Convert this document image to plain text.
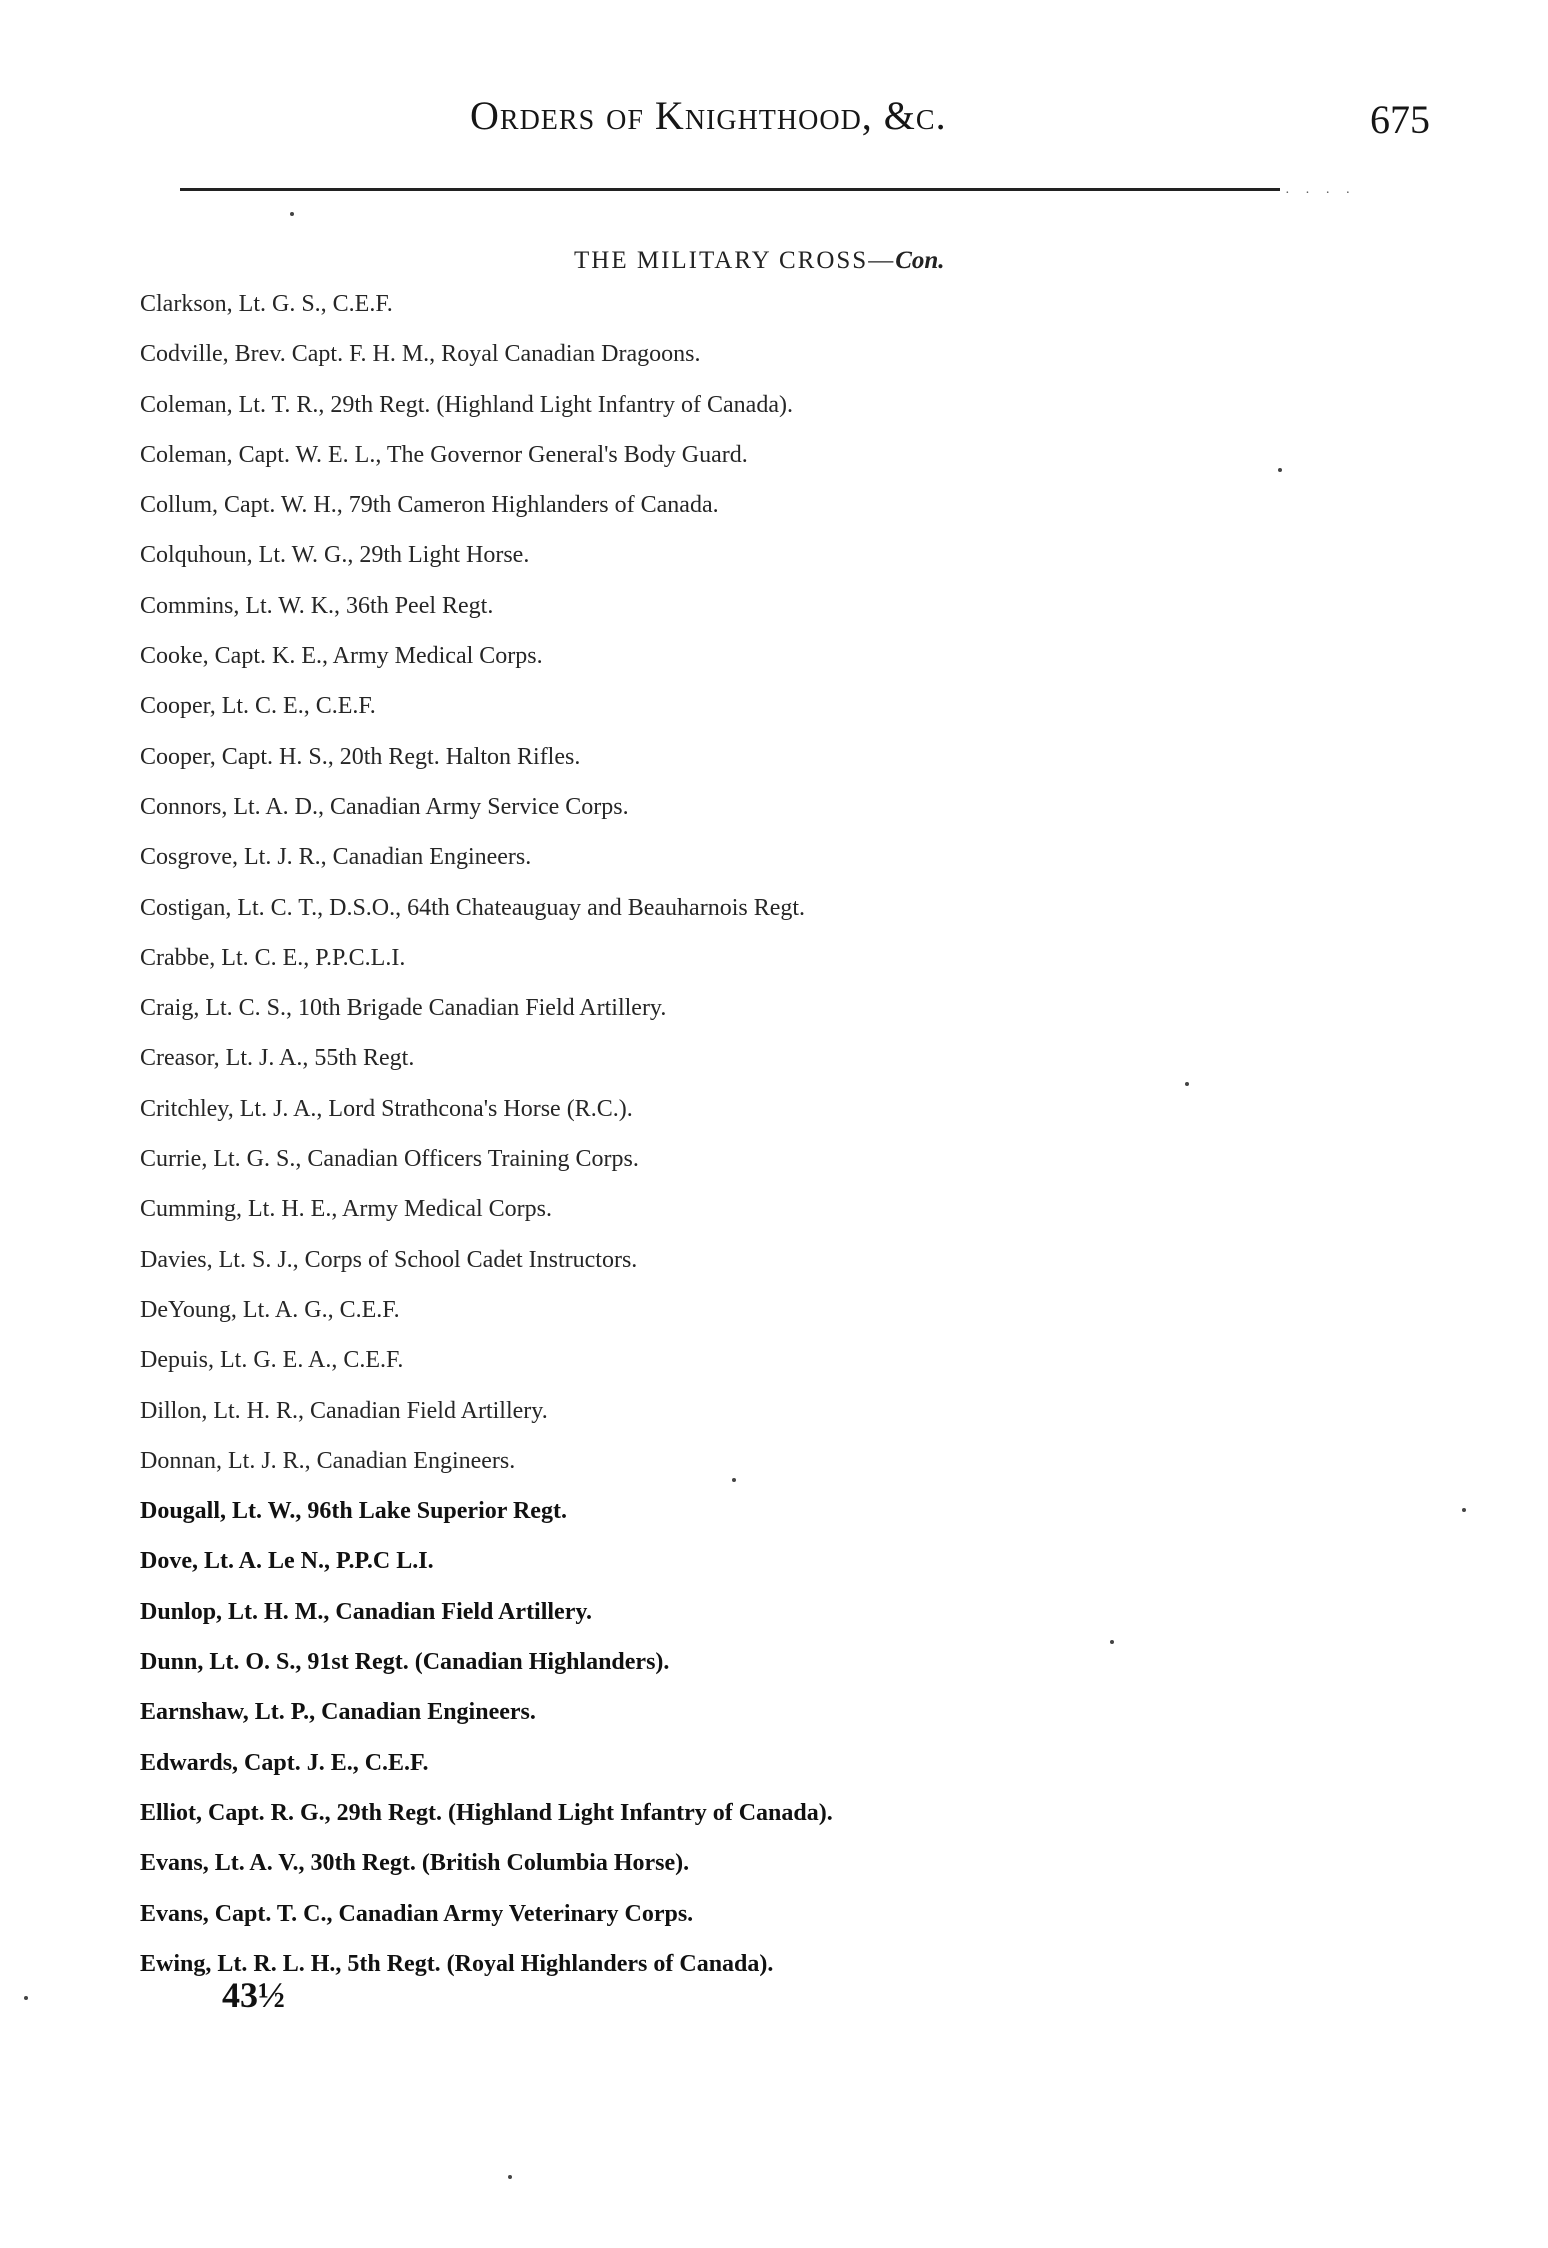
Orders of Knighthood, &c.	675
· · · ·
THE MILITARY CROSS—Con.
Clarkson, Lt. G. S., C.E.F.
Codville, Brev. Capt. F. H. M., Royal Canadian Dragoons.
Coleman, Lt. T. R., 29th Regt. (Highland Light Infantry of Canada).
Coleman, Capt. W. E. L., The Governor General's Body Guard.
Collum, Capt. W. H., 79th Cameron Highlanders of Canada.
Colquhoun, Lt. W. G., 29th Light Horse.
Commins, Lt. W. K., 36th Peel Regt.
Cooke, Capt. K. E., Army Medical Corps.
Cooper, Lt. C. E., C.E.F.
Cooper, Capt. H. S., 20th Regt. Halton Rifles.
Connors, Lt. A. D., Canadian Army Service Corps.
Cosgrove, Lt. J. R., Canadian Engineers.
Costigan, Lt. C. T., D.S.O., 64th Chateauguay and Beauharnois Regt.
Crabbe, Lt. C. E., P.P.C.L.I.
Craig, Lt. C. S., 10th Brigade Canadian Field Artillery.
Creasor, Lt. J. A., 55th Regt.
Critchley, Lt. J. A., Lord Strathcona's Horse (R.C.).
Currie, Lt. G. S., Canadian Officers Training Corps.
Cumming, Lt. H. E., Army Medical Corps.
Davies, Lt. S. J., Corps of School Cadet Instructors.
DeYoung, Lt. A. G., C.E.F.
Depuis, Lt. G. E. A., C.E.F.
Dillon, Lt. H. R., Canadian Field Artillery.
Donnan, Lt. J. R., Canadian Engineers.
Dougall, Lt. W., 96th Lake Superior Regt.
Dove, Lt. A. Le N., P.P.C L.I.
Dunlop, Lt. H. M., Canadian Field Artillery.
Dunn, Lt. O. S., 91st Regt. (Canadian Highlanders).
Earnshaw, Lt. P., Canadian Engineers.
Edwards, Capt. J. E., C.E.F.
Elliot, Capt. R. G., 29th Regt. (Highland Light Infantry of Canada).
Evans, Lt. A. V., 30th Regt. (British Columbia Horse).
Evans, Capt. T. C., Canadian Army Veterinary Corps.
Ewing, Lt. R. L. H., 5th Regt. (Royal Highlanders of Canada).
43½
